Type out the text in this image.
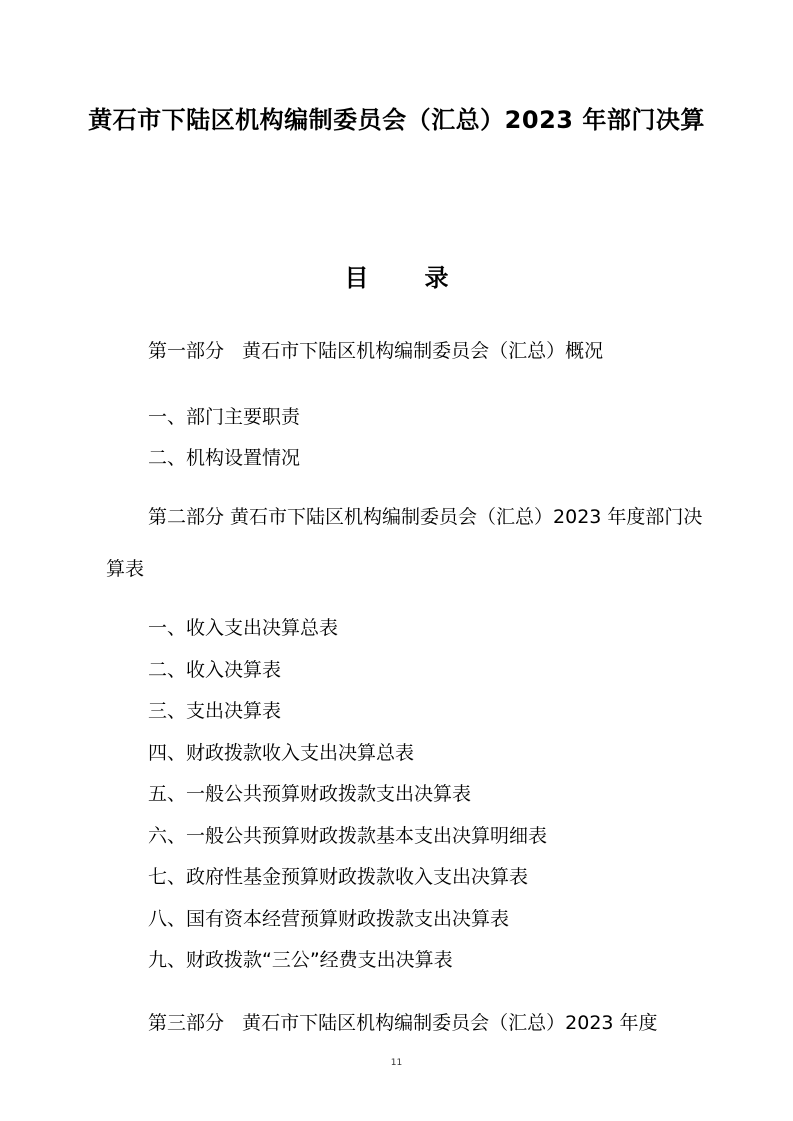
黄石市下陆区机构编制委员会（汇总）2023 年部门决算
目 录
第一部分 黄石市下陆区机构编制委员会（汇总）概况
一、部门主要职责
二、机构设置情况
第二部分 黄石市下陆区机构编制委员会（汇总）2023 年度部门决算表
一、收入支出决算总表
二、收入决算表
三、支出决算表
四、财政拨款收入支出决算总表
五、一般公共预算财政拨款支出决算表
六、一般公共预算财政拨款基本支出决算明细表
七、政府性基金预算财政拨款收入支出决算表
八、国有资本经营预算财政拨款支出决算表
九、财政拨款“三公”经费支出决算表
第三部分 黄石市下陆区机构编制委员会（汇总）2023 年度
11
